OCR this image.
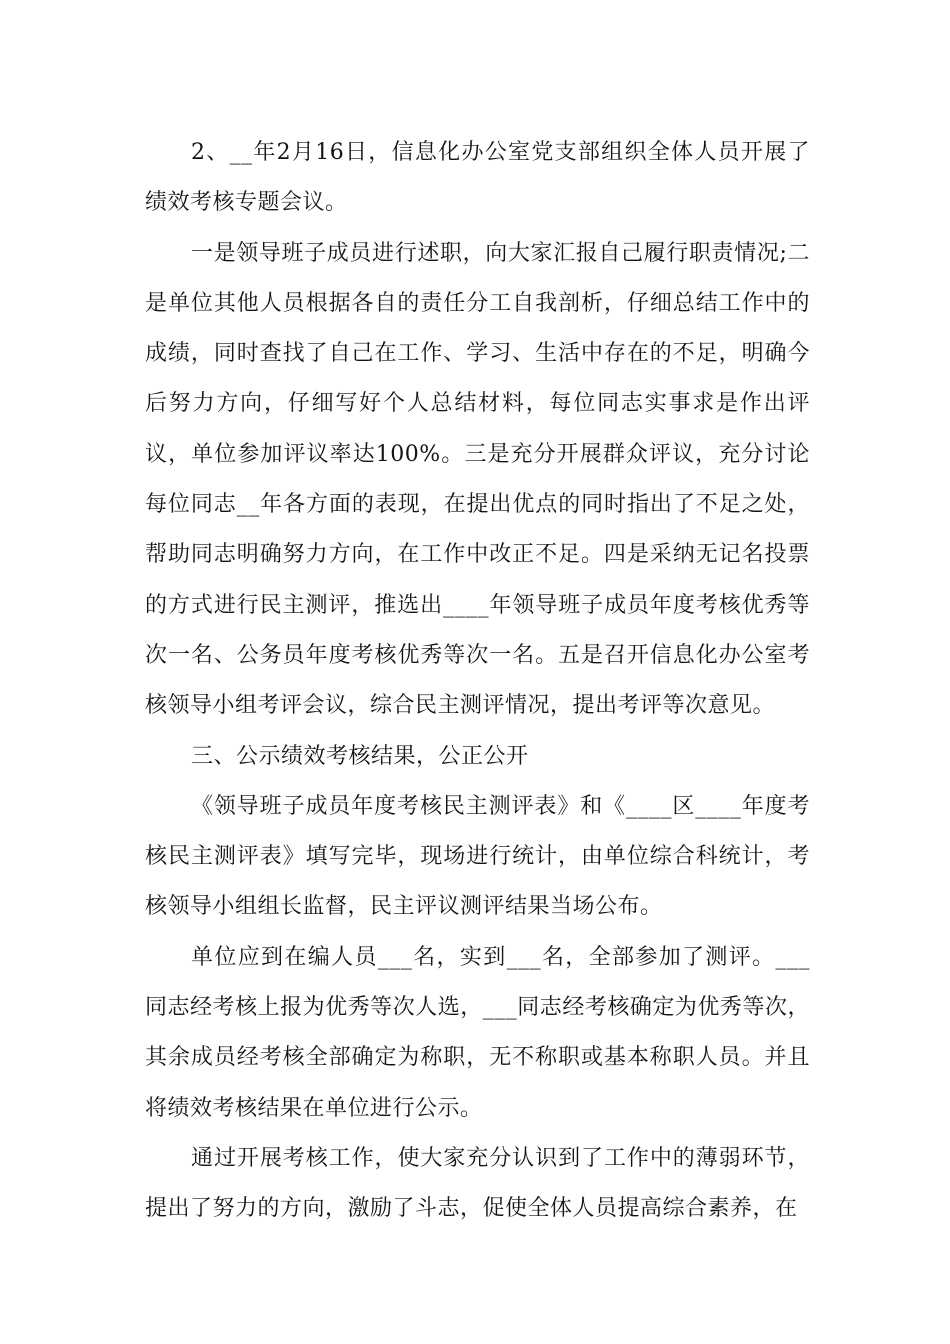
2、__年2月16日，信息化办公室党支部组织全体人员开展了绩效考核专题会议。

一是领导班子成员进行述职，向大家汇报自己履行职责情况;二是单位其他人员根据各自的责任分工自我剖析，仔细总结工作中的成绩，同时查找了自己在工作、学习、生活中存在的不足，明确今后努力方向，仔细写好个人总结材料，每位同志实事求是作出评议，单位参加评议率达100%。三是充分开展群众评议，充分讨论每位同志__年各方面的表现，在提出优点的同时指出了不足之处，帮助同志明确努力方向，在工作中改正不足。四是采纳无记名投票的方式进行民主测评，推选出____年领导班子成员年度考核优秀等次一名、公务员年度考核优秀等次一名。五是召开信息化办公室考核领导小组考评会议，综合民主测评情况，提出考评等次意见。

三、公示绩效考核结果，公正公开

《领导班子成员年度考核民主测评表》和《____区____年度考核民主测评表》填写完毕，现场进行统计，由单位综合科统计，考核领导小组组长监督，民主评议测评结果当场公布。

单位应到在编人员___名，实到___名，全部参加了测评。___同志经考核上报为优秀等次人选，___同志经考核确定为优秀等次，其余成员经考核全部确定为称职，无不称职或基本称职人员。并且将绩效考核结果在单位进行公示。

通过开展考核工作，使大家充分认识到了工作中的薄弱环节，提出了努力的方向，激励了斗志，促使全体人员提高综合素养，在
